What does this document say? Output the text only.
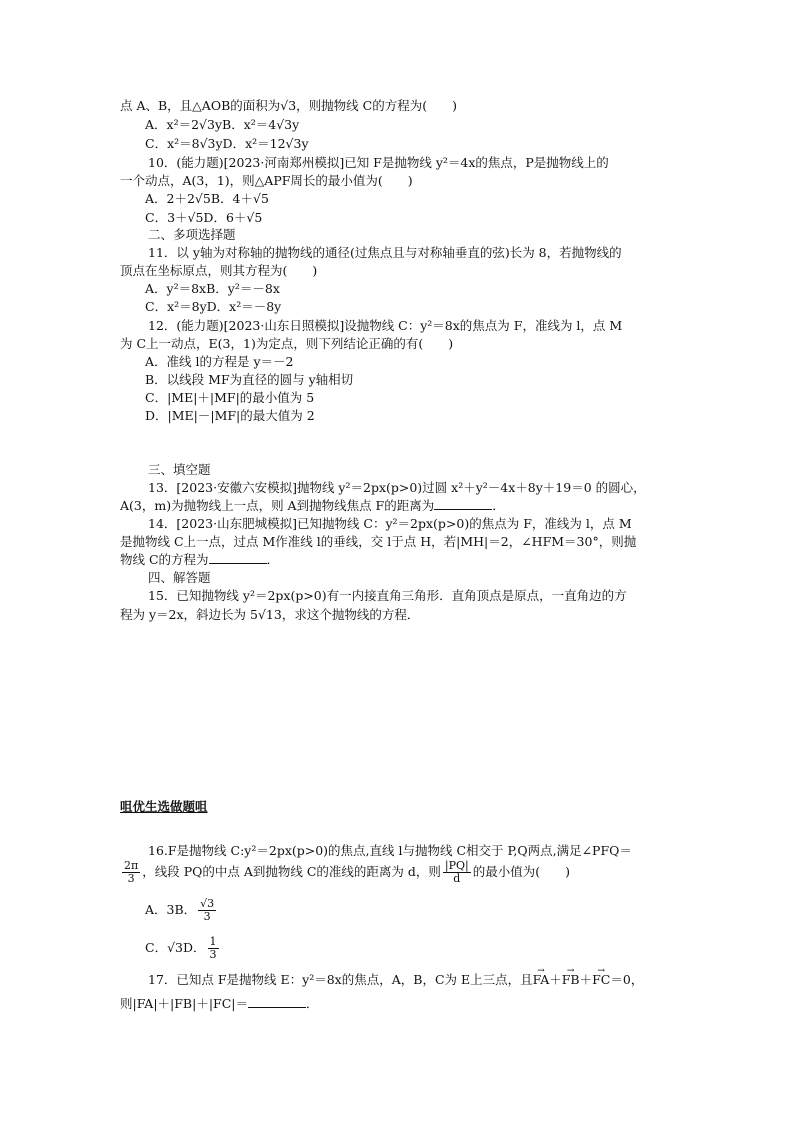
点 A、B，且△AOB的面积为√3，则抛物线 C的方程为(　　)
A．x²＝2√3yB．x²＝4√3y
C．x²＝8√3yD．x²＝12√3y
10．(能力题)[2023·河南郑州模拟]已知 F是抛物线 y²＝4x的焦点，P是抛物线上的
一个动点，A(3，1)，则△APF周长的最小值为(　　)
A．2＋2√5B．4＋√5
C．3＋√5D．6＋√5
二、多项选择题
11．以 y轴为对称轴的抛物线的通径(过焦点且与对称轴垂直的弦)长为 8，若抛物线的
顶点在坐标原点，则其方程为(　　)
A．y²＝8xB．y²＝－8x
C．x²＝8yD．x²＝－8y
12．(能力题)[2023·山东日照模拟]设抛物线 C：y²＝8x的焦点为 F，准线为 l，点 M
为 C上一动点，E(3，1)为定点，则下列结论正确的有(　　)
A．准线 l的方程是 y＝－2
B．以线段 MF为直径的圆与 y轴相切
C．|ME|＋|MF|的最小值为 5
D．|ME|－|MF|的最大值为 2
三、填空题
13．[2023·安徽六安模拟]抛物线 y²＝2px(p>0)过圆 x²＋y²－4x＋8y＋19＝0 的圆心，
A(3，m)为抛物线上一点，则 A到抛物线焦点 F的距离为	．
14．[2023·山东肥城模拟]已知抛物线 C：y²＝2px(p>0)的焦点为 F，准线为 l，点 M
是抛物线 C上一点，过点 M作准线 l的垂线，交 l于点 H，若|MH|＝2，∠HFM＝30°，则抛
物线 C的方程为	．
四、解答题
15．已知抛物线 y²＝2px(p>0)有一内接直角三角形．直角顶点是原点，一直角边的方
程为 y＝2x，斜边长为 5√13，求这个抛物线的方程．
咀优生选做题咀
16.F是抛物线 C:y²＝2px(p>0)的焦点,直线 l与抛物线 C相交于 P,Q两点,满足∠PFQ＝
$\frac{2\pi}{3}$ ，线段 PQ的中点 A到抛物线 C的准线的距离为 d，则 $\frac{|PQ|}{d}$ 的最小值为(　　)
A．3B． $\frac{√3}{3}$
C．√3D． $\frac{1}{3}$
17．已知点 F是抛物线 E：y²＝8x的焦点，A，B，C为 E上三点，且→ FA＋→ FB＋→ FC＝0，
则|FA|＋|FB|＋|FC|＝	．
